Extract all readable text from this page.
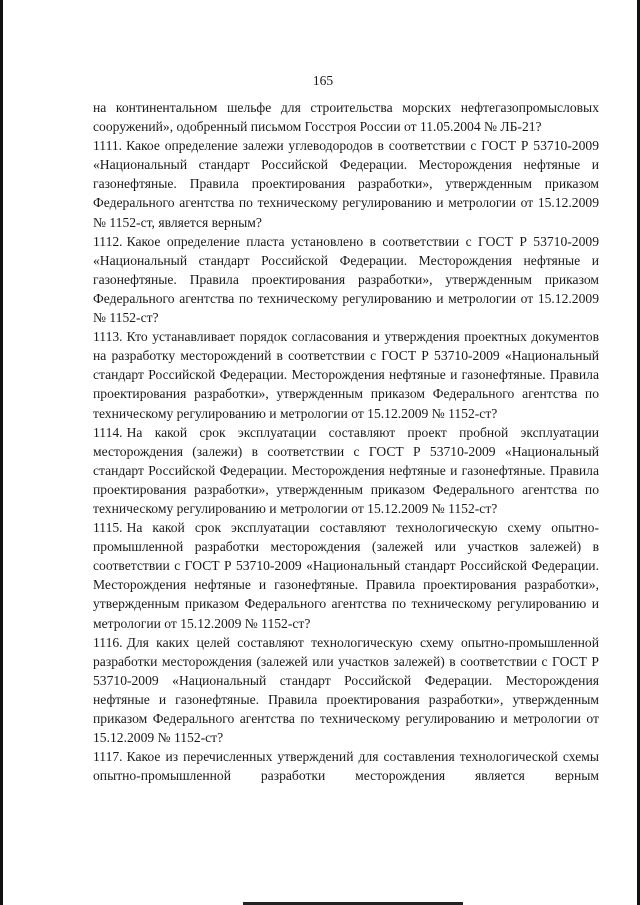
165

на континентальном шельфе для строительства морских нефтегазопромысловых сооружений», одобренный письмом Госстроя России от 11.05.2004 № ЛБ-21?

1111. Какое определение залежи углеводородов в соответствии с ГОСТ Р 53710-2009 «Национальный стандарт Российской Федерации. Месторождения нефтяные и газонефтяные. Правила проектирования разработки», утвержденным приказом Федерального агентства по техническому регулированию и метрологии от 15.12.2009 № 1152-ст, является верным?

1112. Какое определение пласта установлено в соответствии с ГОСТ Р 53710-2009 «Национальный стандарт Российской Федерации. Месторождения нефтяные и газонефтяные. Правила проектирования разработки», утвержденным приказом Федерального агентства по техническому регулированию и метрологии от 15.12.2009 № 1152-ст?

1113. Кто устанавливает порядок согласования и утверждения проектных документов на разработку месторождений в соответствии с ГОСТ Р 53710-2009 «Национальный стандарт Российской Федерации. Месторождения нефтяные и газонефтяные. Правила проектирования разработки», утвержденным приказом Федерального агентства по техническому регулированию и метрологии от 15.12.2009 № 1152-ст?

1114. На какой срок эксплуатации составляют проект пробной эксплуатации месторождения (залежи) в соответствии с ГОСТ Р 53710-2009 «Национальный стандарт Российской Федерации. Месторождения нефтяные и газонефтяные. Правила проектирования разработки», утвержденным приказом Федерального агентства по техническому регулированию и метрологии от 15.12.2009 № 1152-ст?

1115. На какой срок эксплуатации составляют технологическую схему опытно-промышленной разработки месторождения (залежей или участков залежей) в соответствии с ГОСТ Р 53710-2009 «Национальный стандарт Российской Федерации. Месторождения нефтяные и газонефтяные. Правила проектирования разработки», утвержденным приказом Федерального агентства по техническому регулированию и метрологии от 15.12.2009 № 1152-ст?

1116. Для каких целей составляют технологическую схему опытно-промышленной разработки месторождения (залежей или участков залежей) в соответствии с ГОСТ Р 53710-2009 «Национальный стандарт Российской Федерации. Месторождения нефтяные и газонефтяные. Правила проектирования разработки», утвержденным приказом Федерального агентства по техническому регулированию и метрологии от 15.12.2009 № 1152-ст?

1117. Какое из перечисленных утверждений для составления технологической схемы опытно-промышленной разработки месторождения является верным
